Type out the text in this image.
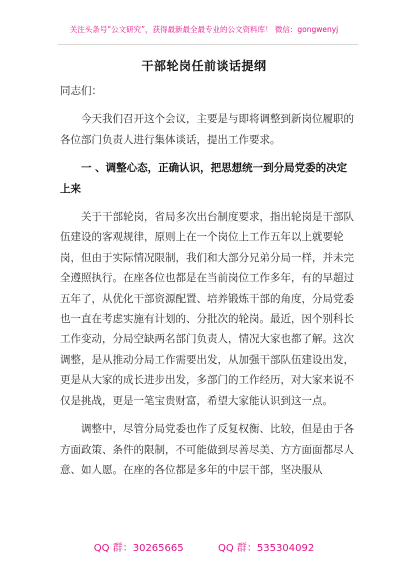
关注头条号“公文研究”，获得最新最全最专业的公文资料库！ 微信：gongwenyj
干部轮岗任前谈话提纲

同志们：

今天我们召开这个会议，主要是与即将调整到新岗位履职的各位部门负责人进行集体谈话，提出工作要求。

一 、调整心态，正确认识，把思想统一到分局党委的决定上来

关于干部轮岗，省局多次出台制度要求，指出轮岗是干部队伍建设的客观规律，原则上在一个岗位上工作五年以上就要轮岗，但由于实际情况限制，我们和大部分兄弟分局一样，并未完全遵照执行。在座各位也都是在当前岗位工作多年，有的早超过五年了，从优化干部资源配置、培养锻炼干部的角度，分局党委也一直在考虑实施有计划的、分批次的轮岗。最近，因个别科长工作变动，分局空缺两名部门负责人，情况大家也都了解。这次调整，是从推动分局工作需要出发，从加强干部队伍建设出发，更是从大家的成长进步出发，多部门的工作经历，对大家来说不仅是挑战，更是一笔宝贵财富，希望大家能认识到这一点。

调整中，尽管分局党委也作了反复权衡、比较，但是由于各方面政策、条件的限制，不可能做到尽善尽美、方方面面都尽人意、如人愿。在座的各位都是多年的中层干部，坚决服从

QQ 群：30265665	QQ 群：535304092
